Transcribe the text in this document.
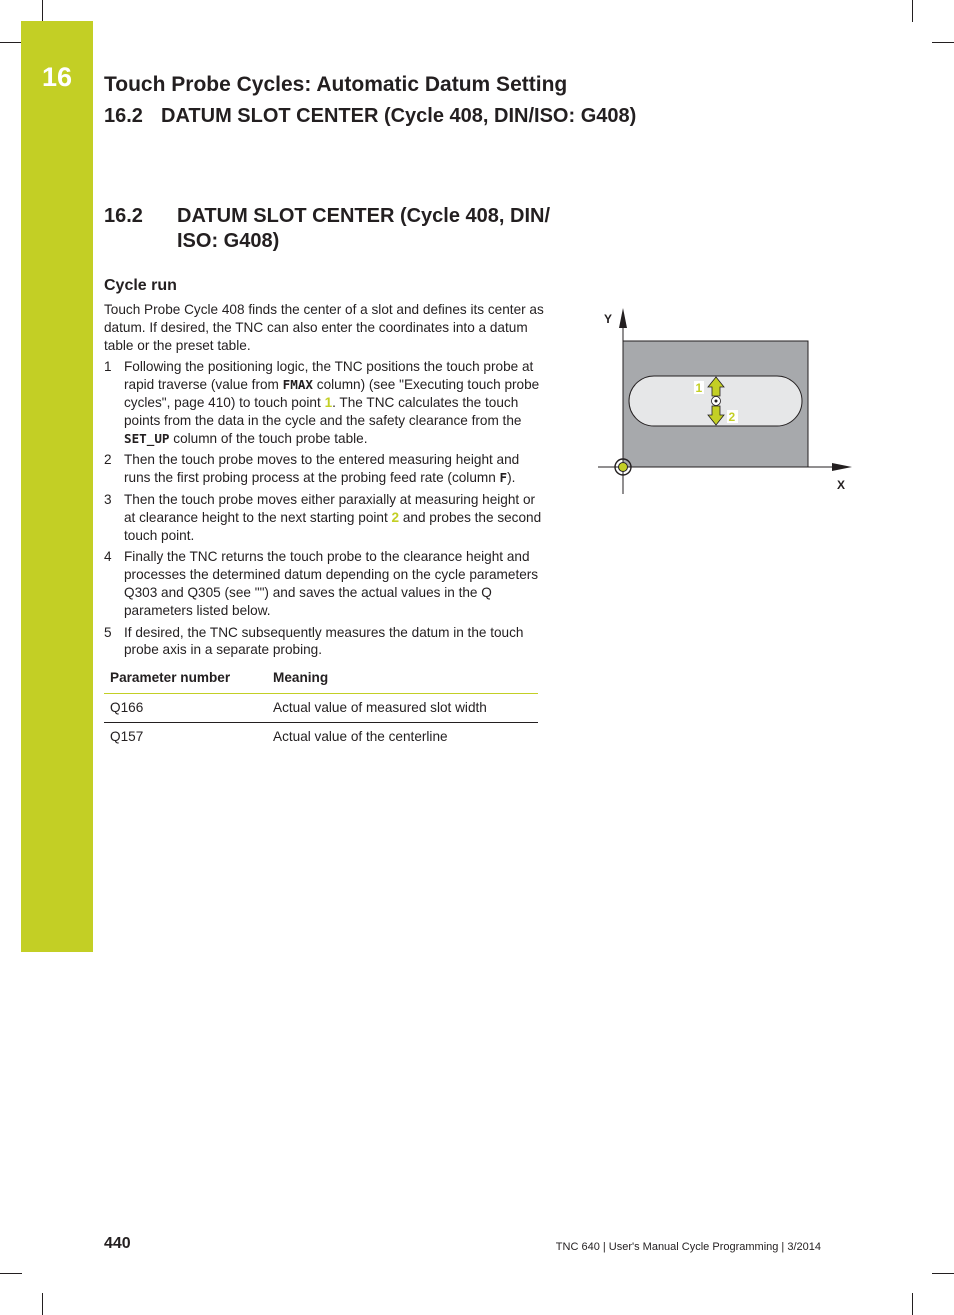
16	Touch Probe Cycles: Automatic Datum Setting
16.2 DATUM SLOT CENTER (Cycle 408, DIN/ISO: G408)
16.2 DATUM SLOT CENTER (Cycle 408, DIN/ ISO: G408)
Cycle run

Touch Probe Cycle 408 finds the center of a slot and defines its center as datum. If desired, the TNC can also enter the coordinates into a datum table or the preset table.

1 Following the positioning logic, the TNC positions the touch probe at rapid traverse (value from FMAX column) (see "Executing touch probe cycles", page 410) to touch point 1. The TNC calculates the touch points from the data in the cycle and the safety clearance from the SET_UP column of the touch probe table.
2 Then the touch probe moves to the entered measuring height and runs the first probing process at the probing feed rate (column F).
3 Then the touch probe moves either paraxially at measuring height or at clearance height to the next starting point 2 and probes the second touch point.
4 Finally the TNC returns the touch probe to the clearance height and processes the determined datum depending on the cycle parameters Q303 and Q305 (see "") and saves the actual values in the Q parameters listed below.
5 If desired, the TNC subsequently measures the datum in the touch probe axis in a separate probing.
Parameter number	Meaning
Q166	Actual value of measured slot width
Q157	Actual value of the centerline
Y
X
1
2
440	TNC 640 | User's Manual Cycle Programming | 3/2014
